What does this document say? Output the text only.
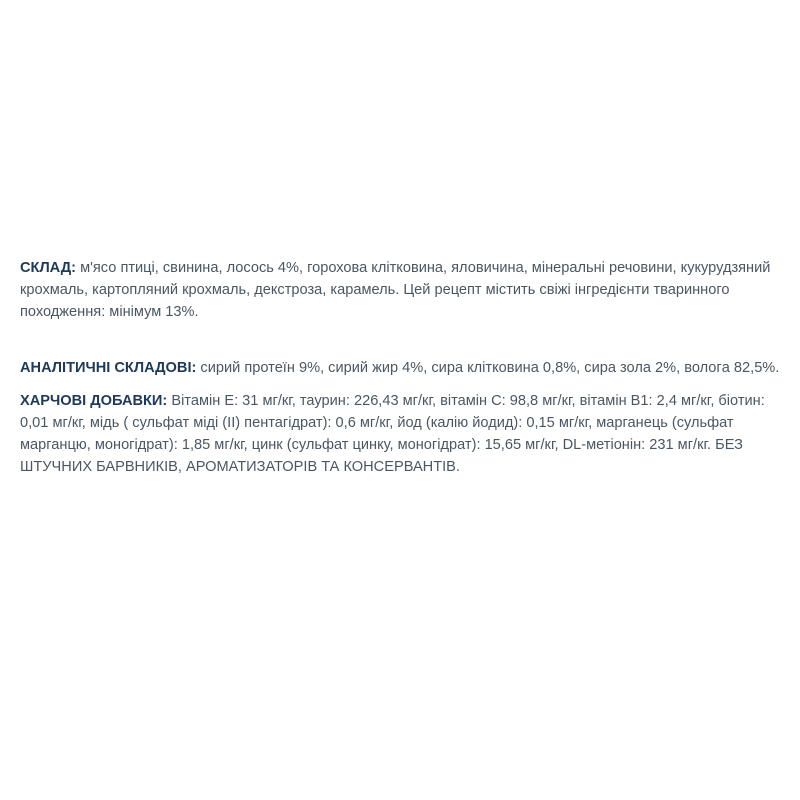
СКЛАД: м'ясо птиці, свинина, лосось 4%, горохова клітковина, яловичина, мінеральні речовини, кукурудзяний крохмаль, картопляний крохмаль, декстроза, карамель. Цей рецепт містить свіжі інгредієнти тваринного походження: мінімум 13%.

АНАЛІТИЧНІ СКЛАДОВІ: сирий протеїн 9%, сирий жир 4%, сира клітковина 0,8%, сира зола 2%, вологa 82,5%.

ХАРЧОВІ ДОБАВКИ: Вітамін Е: 31 мг/кг, таурин: 226,43 мг/кг, вітамін С: 98,8 мг/кг, вітамін В1: 2,4 мг/кг, біотин: 0,01 мг/кг, мідь ( сульфат міді (II) пентагідрат): 0,6 мг/кг, йод (калію йодид): 0,15 мг/кг, марганець (сульфат марганцю, моногідрат): 1,85 мг/кг, цинк (сульфат цинку, моногідрат): 15,65 мг/кг, DL-метіонін: 231 мг/кг. БЕЗ ШТУЧНИХ БАРВНИКІВ, АРОМАТИЗАТОРІВ ТА КОНСЕРВАНТІВ.
